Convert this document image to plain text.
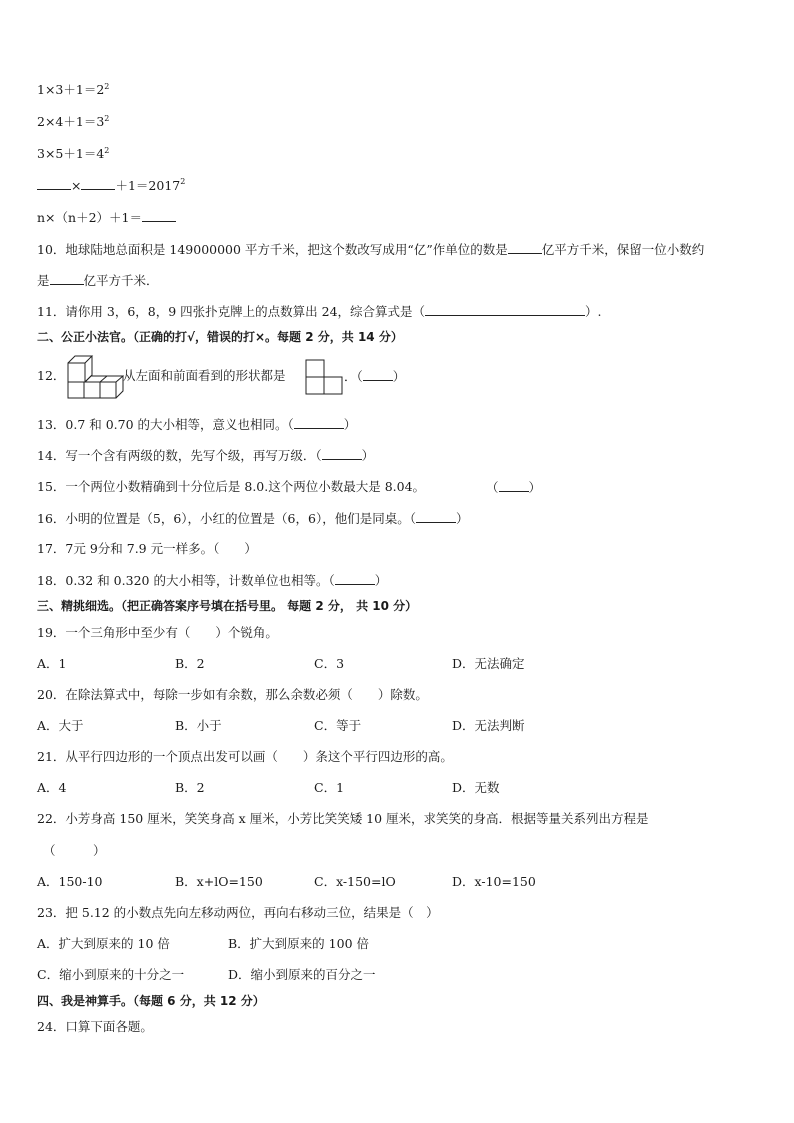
$1\times 3+1=2^2$
$2\times 4+1=3^2$
$3\times 5+1=4^2$
×	$+1=2017^2$
n×（n＋2）＋1＝
10．地球陆地总面积是 149000000 平方千米，把这个数改写成用“亿”作单位的数是	亿平方千米，保留一位小数约
是	亿平方千米．
11．请你用 3，6，8，9 四张扑克牌上的点数算出 24，综合算式是（	）.
二、公正小法官。（正确的打√，错误的打×。每题 2 分，共 14 分）
12．	从左面和前面看到的形状都是	．（ ）
13．0.7 和 0.70 的大小相等，意义也相同。（	）
14．写一个含有两级的数，先写个级，再写万级．（	）
15．一个两位小数精确到十分位后是 8.0.这个两位小数最大是 8.04。	（ ）
16．小明的位置是（5，6），小红的位置是（6，6），他们是同桌。（	）
17．7元 9分和 7.9 元一样多。（　　）
18．0.32 和 0.320 的大小相等，计数单位也相等。（	）
三、精挑细选。（把正确答案序号填在括号里。 每题 2 分， 共 10 分）
19．一个三角形中至少有（　　）个锐角。
A．1	B．2	C．3	D．无法确定
20．在除法算式中，每除一步如有余数，那么余数必须（　　）除数。
A．大于	B．小于	C．等于	D．无法判断
21．从平行四边形的一个顶点出发可以画（　　）条这个平行四边形的高。
A．4	B．2	C．1	D．无数
22．小芳身高 150 厘米，笑笑身高 x 厘米，小芳比笑笑矮 10 厘米，求笑笑的身高．根据等量关系列出方程是
（　　　）
A．150-10	B．x+lO=150	C．x-150=lO	D．x-10=150
23．把 5.12 的小数点先向左移动两位，再向右移动三位，结果是（　）
A．扩大到原来的 10 倍	B．扩大到原来的 100 倍
C．缩小到原来的十分之一	D．缩小到原来的百分之一
四、我是神算手。（每题 6 分，共 12 分）
24．口算下面各题。
